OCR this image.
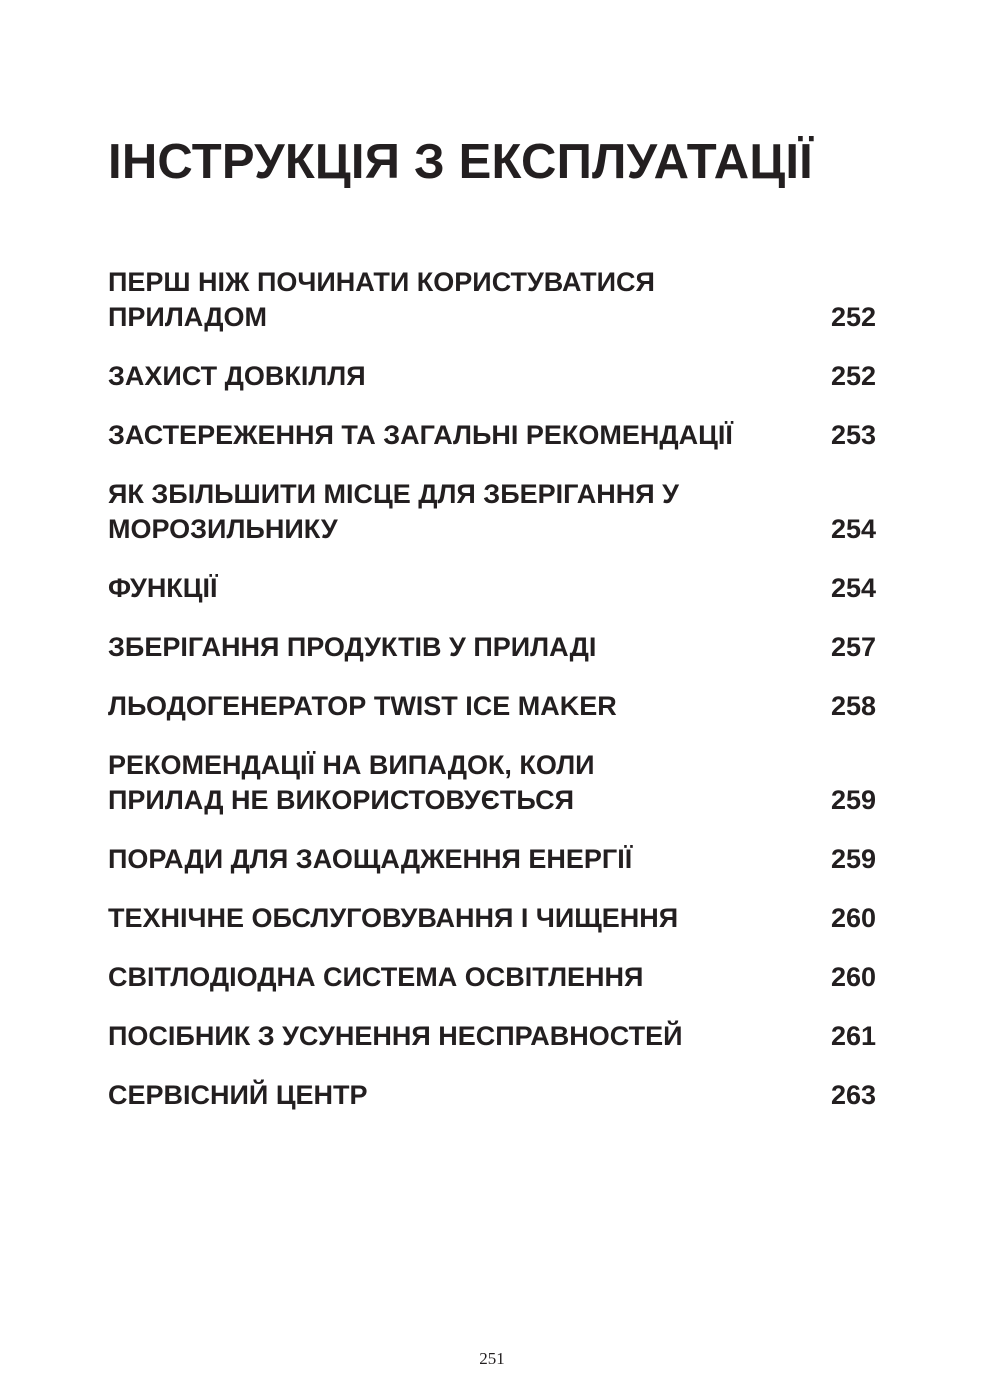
ІНСТРУКЦІЯ З ЕКСПЛУАТАЦІЇ
ПЕРШ НІЖ ПОЧИНАТИ КОРИСТУВАТИСЯ
ПРИЛАДОМ	252
ЗАХИСТ ДОВКІЛЛЯ	252
ЗАСТЕРЕЖЕННЯ ТА ЗАГАЛЬНІ РЕКОМЕНДАЦІЇ	253
ЯК ЗБІЛЬШИТИ МІСЦЕ ДЛЯ ЗБЕРІГАННЯ У
МОРОЗИЛЬНИКУ	254
ФУНКЦІЇ	254
ЗБЕРІГАННЯ ПРОДУКТІВ У ПРИЛАДІ	257
ЛЬОДОГЕНЕРАТОР TWIST ICE MAKER	258
РЕКОМЕНДАЦІЇ НА ВИПАДОК, КОЛИ
ПРИЛАД НЕ ВИКОРИСТОВУЄТЬСЯ	259
ПОРАДИ ДЛЯ ЗАОЩАДЖЕННЯ ЕНЕРГІЇ	259
ТЕХНІЧНЕ ОБСЛУГОВУВАННЯ І ЧИЩЕННЯ	260
СВІТЛОДІОДНА СИСТЕМА ОСВІТЛЕННЯ	260
ПОСІБНИК З УСУНЕННЯ НЕСПРАВНОСТЕЙ	261
СЕРВІСНИЙ ЦЕНТР	263

251
